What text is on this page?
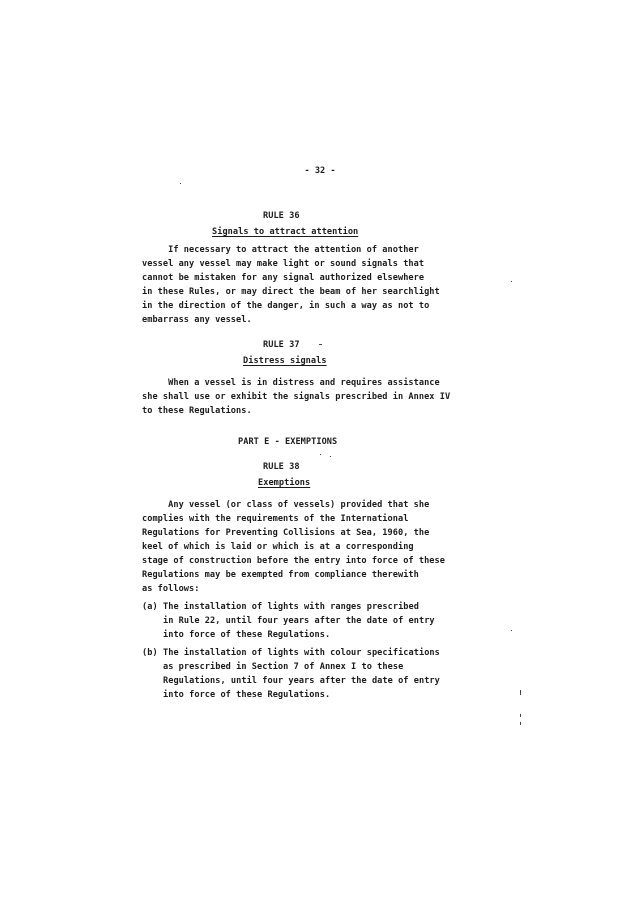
- 32 -
RULE 36
Signals to attract attention
If necessary to attract the attention of another
vessel any vessel may make light or sound signals that
cannot be mistaken for any signal authorized elsewhere
in these Rules, or may direct the beam of her searchlight
in the direction of the danger, in such a way as not to
embarrass any vessel.
RULE 37
Distress signals
When a vessel is in distress and requires assistance
she shall use or exhibit the signals prescribed in Annex IV
to these Regulations.
PART E - EXEMPTIONS
RULE 38
Exemptions
Any vessel (or class of vessels) provided that she
complies with the requirements of the International
Regulations for Preventing Collisions at Sea, 1960, the
keel of which is laid or which is at a corresponding
stage of construction before the entry into force of these
Regulations may be exempted from compliance therewith
as follows:
(a) The installation of lights with ranges prescribed
in Rule 22, until four years after the date of entry
into force of these Regulations.
(b) The installation of lights with colour specifications
as prescribed in Section 7 of Annex I to these
Regulations, until four years after the date of entry
into force of these Regulations.
